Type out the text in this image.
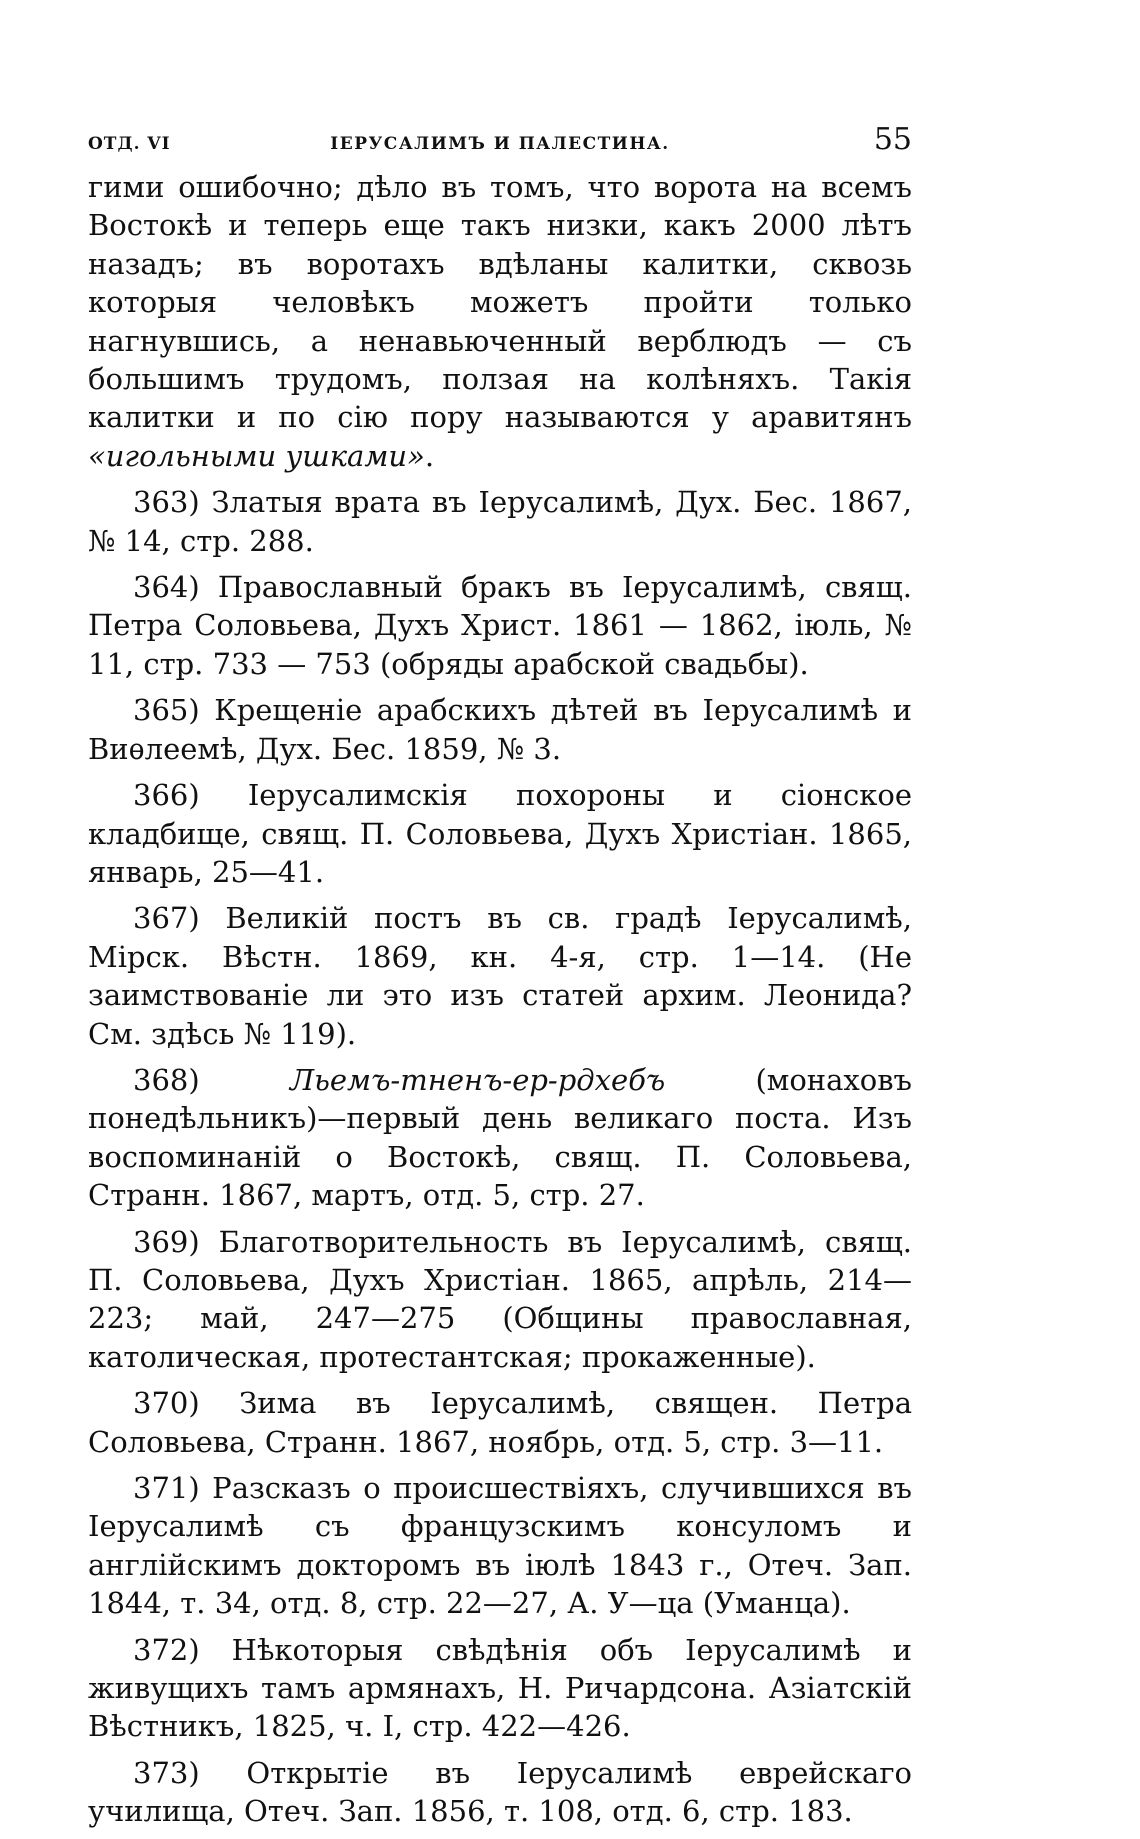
ОТД. VI	IЕРУСАЛИМЪ И ПАЛЕСТИНА.	55

гими ошибочно; дѣло въ томъ, что ворота на всемъ Востокѣ и теперь еще такъ низки, какъ 2000 лѣтъ назадъ; въ воротахъ вдѣланы калитки, сквозь которыя человѣкъ можетъ пройти только нагнувшись, а ненавьюченный верблюдъ — съ большимъ трудомъ, ползая на колѣняхъ. Такія калитки и по сію пору называются у аравитянъ «игольными ушками».

363) Златыя врата въ Iерусалимѣ, Дух. Бес. 1867, № 14, стр. 288.

364) Православный бракъ въ Iерусалимѣ, свящ. Петра Соловьева, Духъ Христ. 1861 — 1862, iюль, № 11, стр. 733 — 753 (обряды арабской свадьбы).

365) Крещенiе арабскихъ дѣтей въ Iерусалимѣ и Виѳлеемѣ, Дух. Бес. 1859, № 3.

366) Iерусалимскiя похороны и сiонское кладбище, свящ. П. Соловьева, Духъ Христiан. 1865, январь, 25—41.

367) Великiй постъ въ св. градѣ Iерусалимѣ, Мiрск. Вѣстн. 1869, кн. 4-я, стр. 1—14. (Не заимствованiе ли это изъ статей архим. Леонида? См. здѣсь № 119).

368) Льемъ-тненъ-ер-рдхебъ (монаховъ понедѣльникъ)—первый день великаго поста. Изъ воспоминанiй о Востокѣ, свящ. П. Соловьева, Странн. 1867, мартъ, отд. 5, стр. 27.

369) Благотворительность въ Iерусалимѣ, свящ. П. Соловьева, Духъ Христiан. 1865, апрѣль, 214—223; май, 247—275 (Общины православная, католическая, протестантская; прокаженные).

370) Зима въ Iерусалимѣ, священ. Петра Соловьева, Странн. 1867, ноябрь, отд. 5, стр. 3—11.

371) Разсказъ о происшествiяхъ, случившихся въ Iерусалимѣ съ французскимъ консуломъ и англiйскимъ докторомъ въ iюлѣ 1843 г., Отеч. Зап. 1844, т. 34, отд. 8, стр. 22—27, А. У—ца (Уманца).

372) Нѣкоторыя свѣдѣнiя объ Iерусалимѣ и живущихъ тамъ армянахъ, Н. Ричардсона. Азiатскiй Вѣстникъ, 1825, ч. I, стр. 422—426.

373) Открытiе въ Iерусалимѣ еврейскаго училища, Отеч. Зап. 1856, т. 108, отд. 6, стр. 183.
